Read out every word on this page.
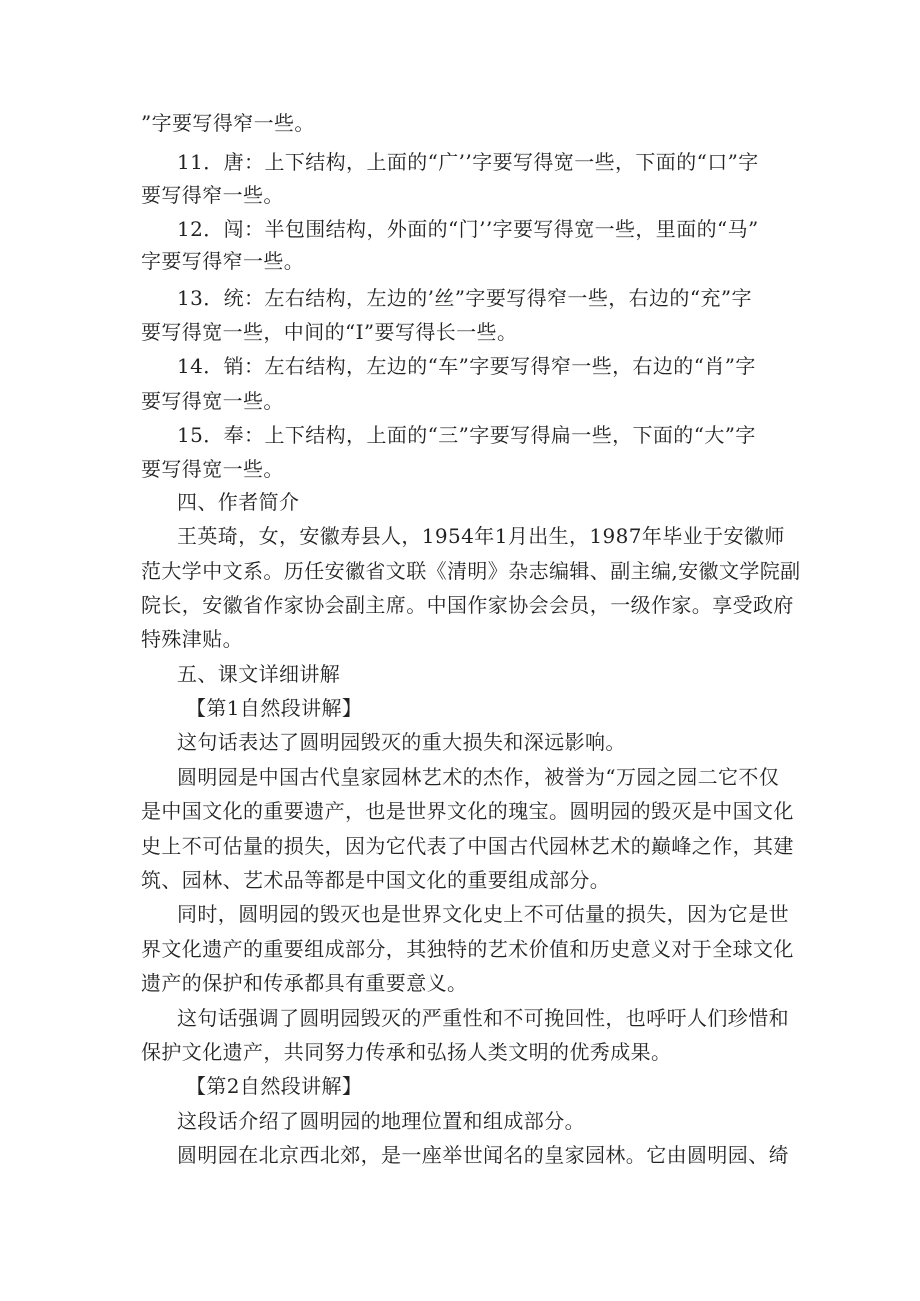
”字要写得窄一些。
11．唐：上下结构，上面的“广’’字要写得宽一些，下面的“口”字
要写得窄一些。
12．闯：半包围结构，外面的“门’’字要写得宽一些，里面的“马”
字要写得窄一些。
13．统：左右结构，左边的’丝”字要写得窄一些，右边的“充”字
要写得宽一些，中间的“I”要写得长一些。
14．销：左右结构，左边的“车”字要写得窄一些，右边的“肖”字
要写得宽一些。
15．奉：上下结构，上面的“三”字要写得扁一些，下面的“大”字
要写得宽一些。
四、作者简介
王英琦，女，安徽寿县人，1954年1月出生，1987年毕业于安徽师
范大学中文系。历任安徽省文联《清明》杂志编辑、副主编,安徽文学院副
院长，安徽省作家协会副主席。中国作家协会会员，一级作家。享受政府
特殊津贴。
五、课文详细讲解
【第1自然段讲解】
这句话表达了圆明园毁灭的重大损失和深远影响。
圆明园是中国古代皇家园林艺术的杰作，被誉为“万园之园二它不仅
是中国文化的重要遗产，也是世界文化的瑰宝。圆明园的毁灭是中国文化
史上不可估量的损失，因为它代表了中国古代园林艺术的巅峰之作，其建
筑、园林、艺术品等都是中国文化的重要组成部分。
同时，圆明园的毁灭也是世界文化史上不可估量的损失，因为它是世
界文化遗产的重要组成部分，其独特的艺术价值和历史意义对于全球文化
遗产的保护和传承都具有重要意义。
这句话强调了圆明园毁灭的严重性和不可挽回性，也呼吁人们珍惜和
保护文化遗产，共同努力传承和弘扬人类文明的优秀成果。
【第2自然段讲解】
这段话介绍了圆明园的地理位置和组成部分。
圆明园在北京西北郊，是一座举世闻名的皇家园林。它由圆明园、绮
